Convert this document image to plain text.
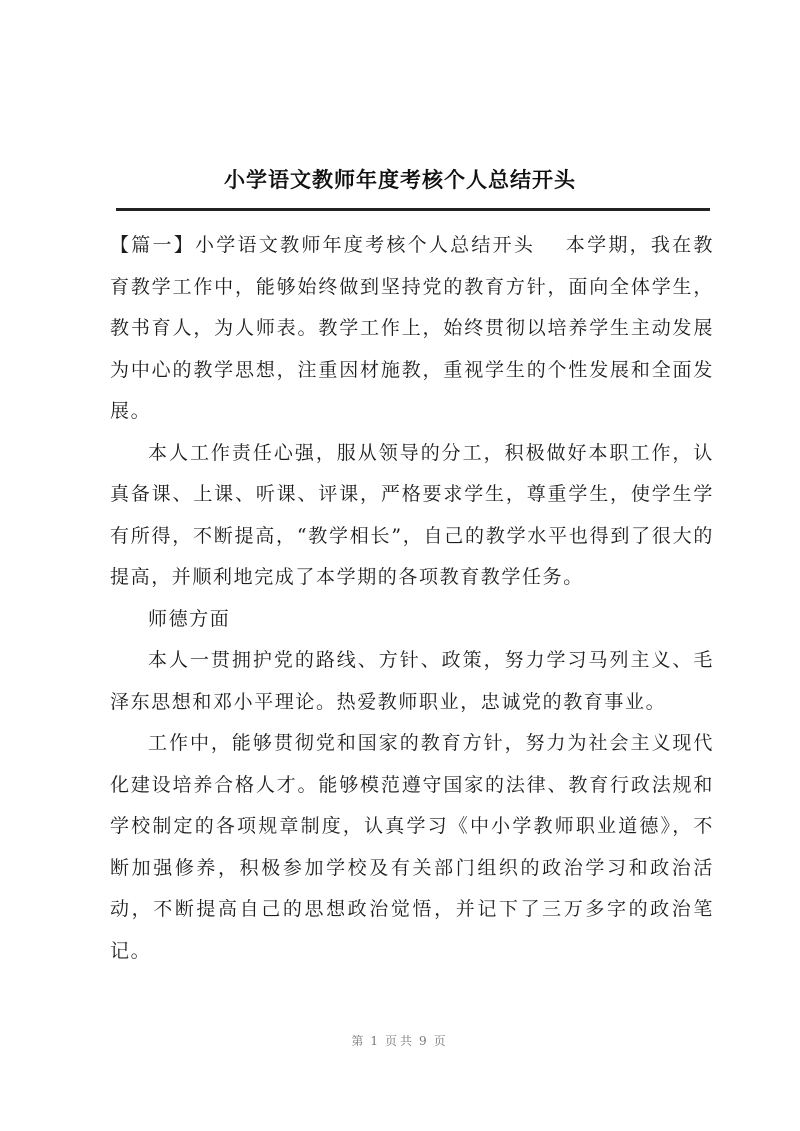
小学语文教师年度考核个人总结开头

【篇一】小学语文教师年度考核个人总结开头 本学期，我在教育教学工作中，能够始终做到坚持党的教育方针，面向全体学生，教书育人，为人师表。教学工作上，始终贯彻以培养学生主动发展为中心的教学思想，注重因材施教，重视学生的个性发展和全面发展。

本人工作责任心强，服从领导的分工，积极做好本职工作，认真备课、上课、听课、评课，严格要求学生，尊重学生，使学生学有所得，不断提高，“教学相长”，自己的教学水平也得到了很大的提高，并顺利地完成了本学期的各项教育教学任务。

师德方面

本人一贯拥护党的路线、方针、政策，努力学习马列主义、毛泽东思想和邓小平理论。热爱教师职业，忠诚党的教育事业。

工作中，能够贯彻党和国家的教育方针，努力为社会主义现代化建设培养合格人才。能够模范遵守国家的法律、教育行政法规和学校制定的各项规章制度，认真学习《中小学教师职业道德》，不断加强修养，积极参加学校及有关部门组织的政治学习和政治活动，不断提高自己的思想政治觉悟，并记下了三万多字的政治笔记。

第 1 页共 9 页
